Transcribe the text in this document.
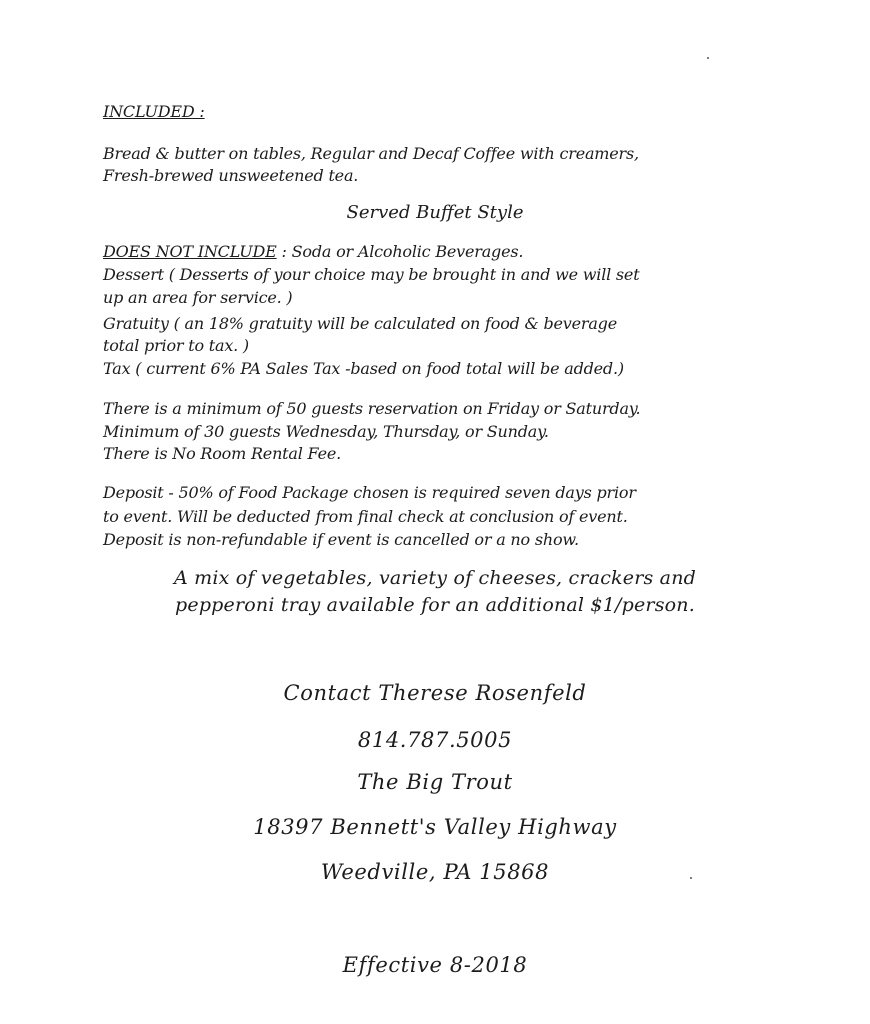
INCLUDED :
Bread & butter on tables, Regular and Decaf Coffee with creamers,
Fresh-brewed unsweetened tea.
Served Buffet Style
DOES NOT INCLUDE : Soda or Alcoholic Beverages.
Dessert ( Desserts of your choice may be brought in and we will set
up an area for service. )
Gratuity ( an 18% gratuity will be calculated on food & beverage
total prior to tax. )
Tax ( current 6% PA Sales Tax -based on food total will be added.)
There is a minimum of 50 guests reservation on Friday or Saturday.
Minimum of 30 guests Wednesday, Thursday, or Sunday.
There is No Room Rental Fee.
Deposit - 50% of Food Package chosen is required seven days prior
to event. Will be deducted from final check at conclusion of event.
Deposit is non-refundable if event is cancelled or a no show.
A mix of vegetables, variety of cheeses, crackers and
pepperoni tray available for an additional $1/person.
Contact Therese Rosenfeld
814.787.5005
The Big Trout
18397 Bennett's Valley Highway
Weedville, PA 15868
Effective 8-2018
